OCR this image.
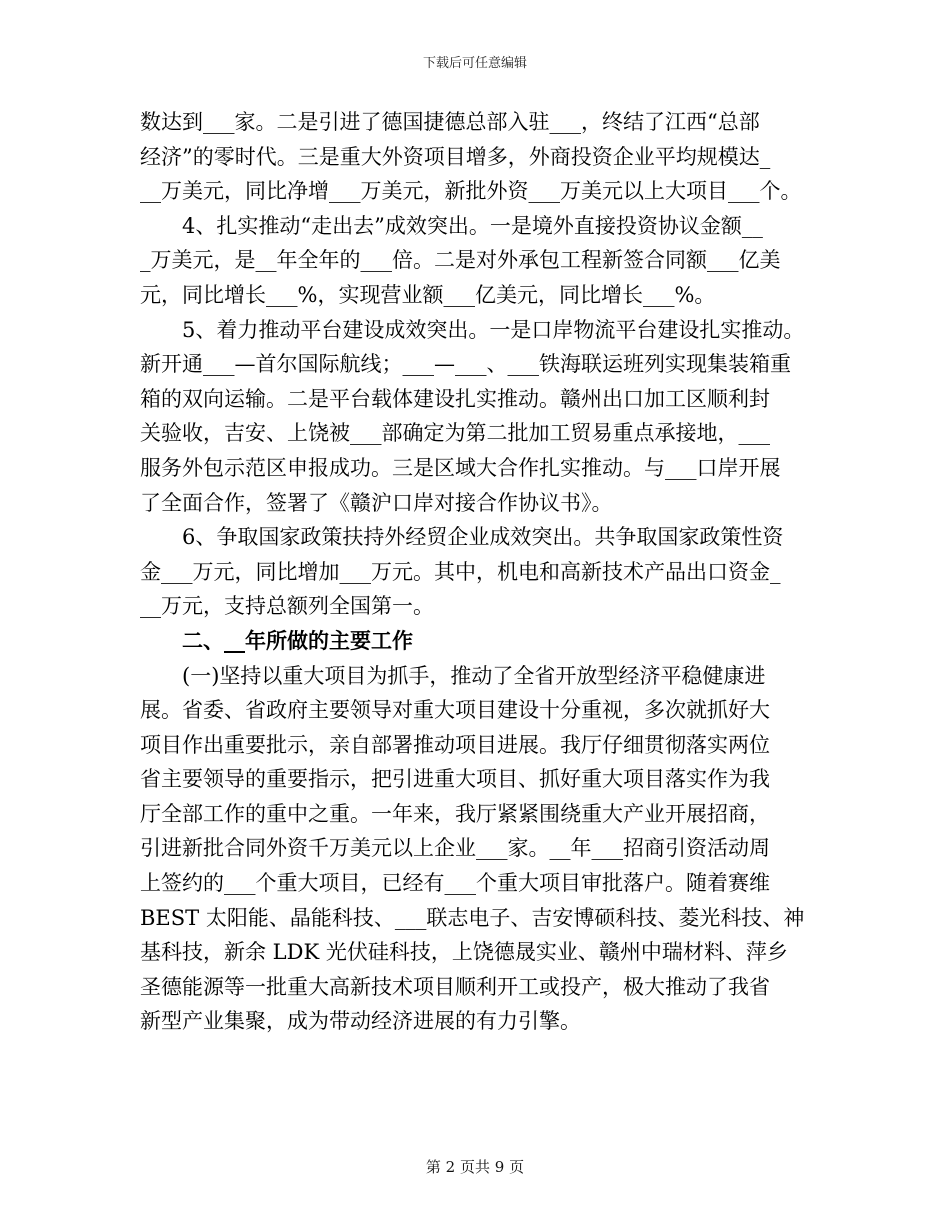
下载后可任意编辑
数达到___家。二是引进了德国捷德总部入驻___，终结了江西“总部
经济”的零时代。三是重大外资项目增多，外商投资企业平均规模达_
__万美元，同比净增___万美元，新批外资___万美元以上大项目___个。
4、扎实推动“走出去”成效突出。一是境外直接投资协议金额__
_万美元，是__年全年的___倍。二是对外承包工程新签合同额___亿美
元，同比增长___%，实现营业额___亿美元，同比增长___%。
5、着力推动平台建设成效突出。一是口岸物流平台建设扎实推动。
新开通___—首尔国际航线；___—___、___铁海联运班列实现集装箱重
箱的双向运输。二是平台载体建设扎实推动。赣州出口加工区顺利封
关验收，吉安、上饶被___部确定为第二批加工贸易重点承接地，___
服务外包示范区申报成功。三是区域大合作扎实推动。与___口岸开展
了全面合作，签署了《赣沪口岸对接合作协议书》。
6、争取国家政策扶持外经贸企业成效突出。共争取国家政策性资
金___万元，同比增加___万元。其中，机电和高新技术产品出口资金_
__万元，支持总额列全国第一。
二、__年所做的主要工作
(一)坚持以重大项目为抓手，推动了全省开放型经济平稳健康进
展。省委、省政府主要领导对重大项目建设十分重视，多次就抓好大
项目作出重要批示，亲自部署推动项目进展。我厅仔细贯彻落实两位
省主要领导的重要指示，把引进重大项目、抓好重大项目落实作为我
厅全部工作的重中之重。一年来，我厅紧紧围绕重大产业开展招商，
引进新批合同外资千万美元以上企业___家。__年___招商引资活动周
上签约的___个重大项目，已经有___个重大项目审批落户。随着赛维
BEST 太阳能、晶能科技、___联志电子、吉安博硕科技、菱光科技、神
基科技，新余 LDK 光伏硅科技，上饶德晟实业、赣州中瑞材料、萍乡
圣德能源等一批重大高新技术项目顺利开工或投产，极大推动了我省
新型产业集聚，成为带动经济进展的有力引擎。
第 2 页共 9 页
